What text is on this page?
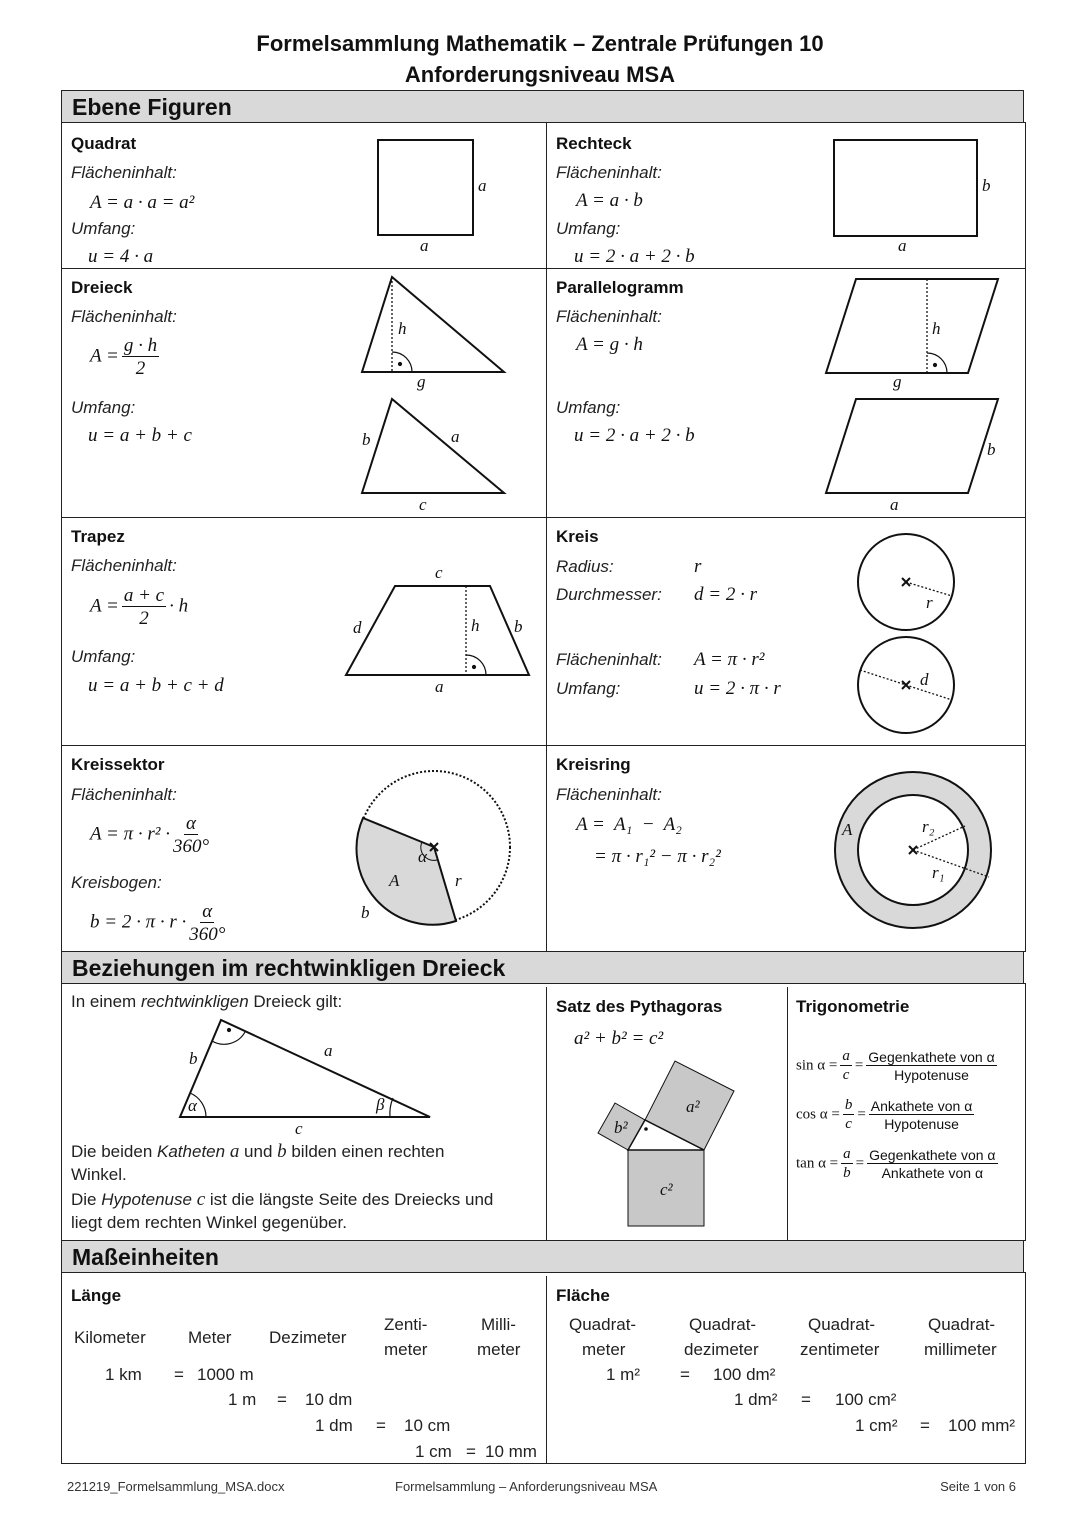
Formelsammlung Mathematik – Zentrale Prüfungen 10
Anforderungsniveau MSA
Ebene Figuren
Beziehungen im rechtwinkligen Dreieck
Maßeinheiten
a
a
b
a
h
g
b	a
c
h
g
b
a
c
d	h b
a
r
d
α
A	r
b
A	r₂
r₁
b	a
c
α	β	a²
b²
c²
Quadrat
Flächeninhalt:
A = a · a = a²
Umfang:
u = 4 · a
Rechteck
Flächeninhalt:
A = a · b
Umfang:
u = 2 · a + 2 · b
Dreieck
Flächeninhalt:
$A = \frac{g \cdot h}{2}$
Umfang:
u = a + b + c
Parallelogramm
Flächeninhalt:
A = g · h
Umfang:
u = 2 · a + 2 · b
Trapez
Flächeninhalt:
$A = \frac{a + c}{2} \cdot h$
Umfang:
u = a + b + c + d
Kreis
Radius:	r
Durchmesser: d = 2 · r
Flächeninhalt: A = π · r²
Umfang:	u = 2 · π · r
Kreissektor
Flächeninhalt:
$A = \pi \cdot r^2 \cdot \frac{\alpha}{360^\circ}$
Kreisbogen:
$b = 2 \cdot \pi \cdot r \cdot \frac{\alpha}{360^\circ}$
Kreisring
Flächeninhalt:
A =  A₁  −  A₂
= π · r₁² − π · r₂²
In einem rechtwinkligen Dreieck gilt:
Die beiden Katheten a und b bilden einen rechten
Winkel.
Die Hypotenuse c ist die längste Seite des Dreiecks und
liegt dem rechten Winkel gegenüber.
Satz des Pythagoras
a² + b² = c²
Trigonometrie
$\sin \alpha = \frac{a}{c} = \frac{\text{Gegenkathete von α}}{\text{Hypotenuse}}$
$\cos \alpha = \frac{b}{c} = \frac{\text{Ankathete von α}}{\text{Hypotenuse}}$
$\tan \alpha = \frac{a}{b} = \frac{\text{Gegenkathete von α}}{\text{Ankathete von α}}$
Länge
Kilometer Meter Dezimeter
Zenti-
meter
Milli-
meter
1 km = 1000 m
1 m = 10 dm
1 dm = 10 cm
1 cm = 10 mm
Fläche
Quadrat-
meter
Quadrat-
dezimeter
Quadrat-
zentimeter
Quadrat-
millimeter
1 m² = 100 dm²
1 dm² = 100 cm²
1 cm² = 100 mm²
221219_Formelsammlung_MSA.docx	Formelsammlung – Anforderungsniveau MSA	Seite 1 von 6
